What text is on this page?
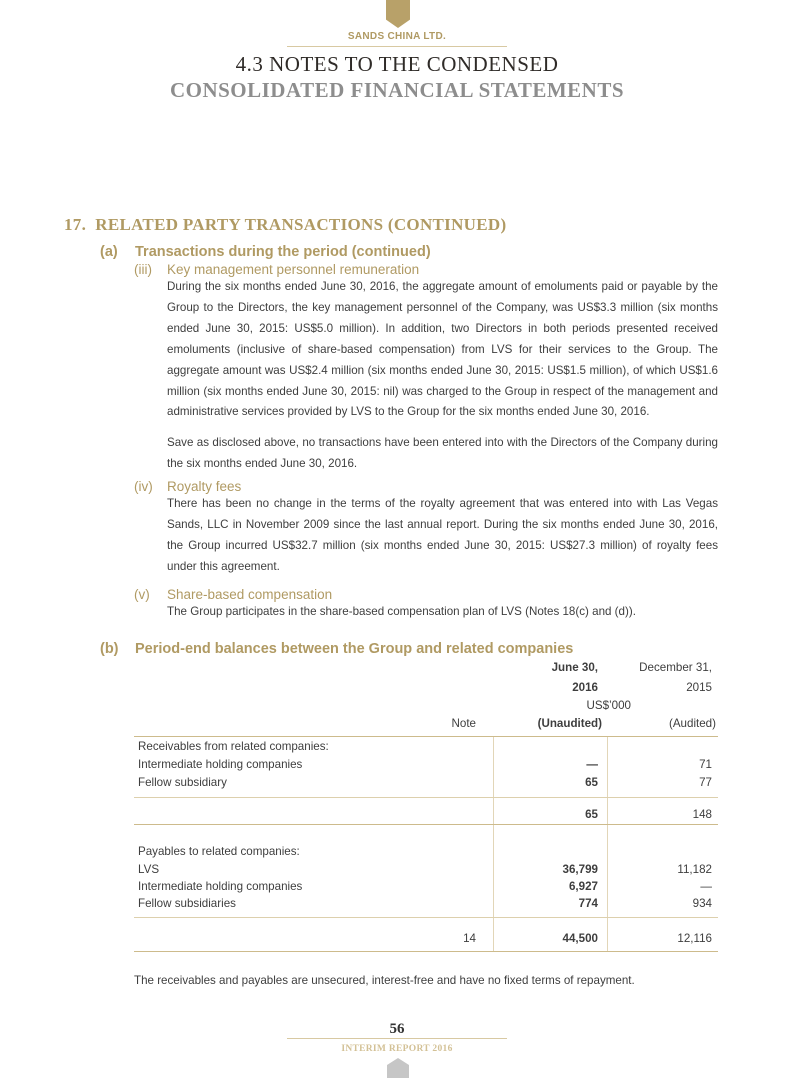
SANDS CHINA LTD.
4.3 NOTES TO THE CONDENSED
CONSOLIDATED FINANCIAL STATEMENTS
17. RELATED PARTY TRANSACTIONS (CONTINUED)
(a) Transactions during the period (continued)
(iii) Key management personnel remuneration
During the six months ended June 30, 2016, the aggregate amount of emoluments paid or payable by the Group to the Directors, the key management personnel of the Company, was US$3.3 million (six months ended June 30, 2015: US$5.0 million). In addition, two Directors in both periods presented received emoluments (inclusive of share-based compensation) from LVS for their services to the Group. The aggregate amount was US$2.4 million (six months ended June 30, 2015: US$1.5 million), of which US$1.6 million (six months ended June 30, 2015: nil) was charged to the Group in respect of the management and administrative services provided by LVS to the Group for the six months ended June 30, 2016.
Save as disclosed above, no transactions have been entered into with the Directors of the Company during the six months ended June 30, 2016.
(iv) Royalty fees
There has been no change in the terms of the royalty agreement that was entered into with Las Vegas Sands, LLC in November 2009 since the last annual report. During the six months ended June 30, 2016, the Group incurred US$32.7 million (six months ended June 30, 2015: US$27.3 million) of royalty fees under this agreement.
(v) Share-based compensation
The Group participates in the share-based compensation plan of LVS (Notes 18(c) and (d)).
(b) Period-end balances between the Group and related companies
June 30,	December 31,
2016	2015
US$’000
Note	(Unaudited)	(Audited)
Receivables from related companies:
Intermediate holding companies	—	71
Fellow subsidiary	65	77
65	148
Payables to related companies:
LVS	36,799	11,182
Intermediate holding companies	6,927	—
Fellow subsidiaries	774	934
14	44,500	12,116
The receivables and payables are unsecured, interest-free and have no fixed terms of repayment.
56
INTERIM REPORT 2016
